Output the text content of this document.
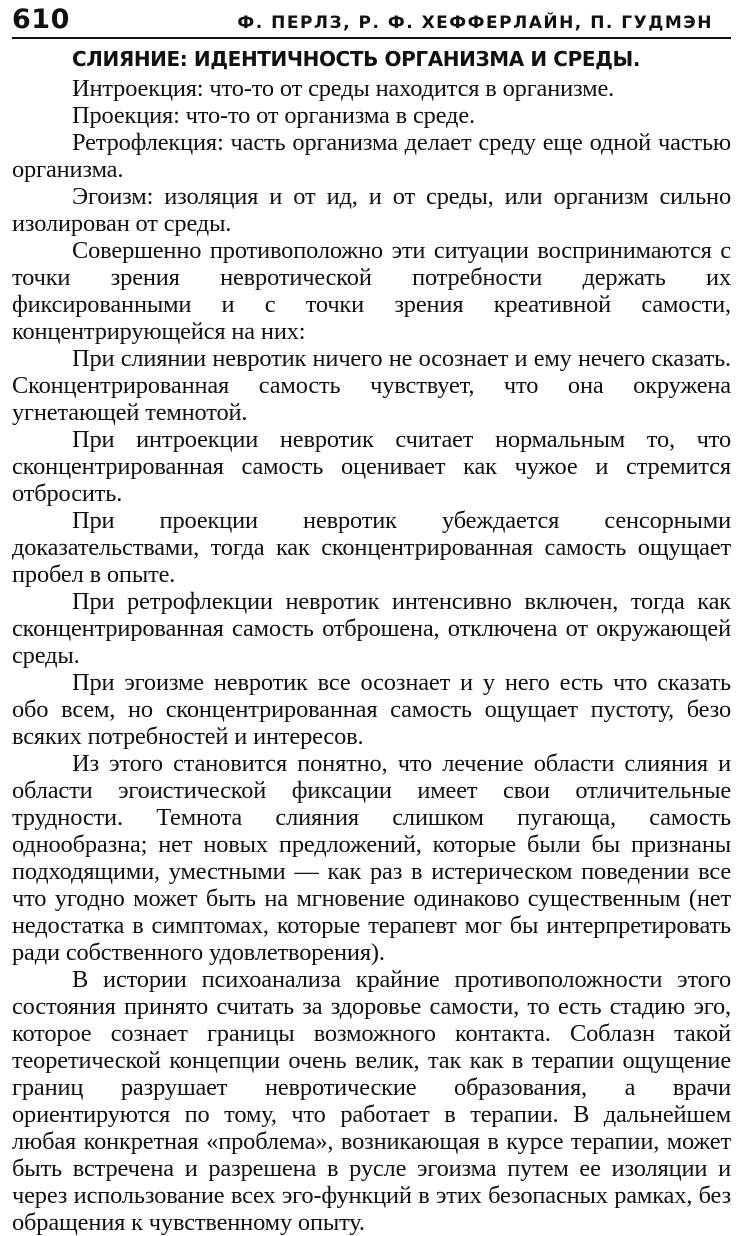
610	Ф. ПЕРЛЗ, Р. Ф. ХЕФФЕРЛАЙН, П. ГУДМЭН
СЛИЯНИЕ: ИДЕНТИЧНОСТЬ ОРГАНИЗМА И СРЕДЫ.

Интроекция: что-то от среды находится в организме.

Проекция: что-то от организма в среде.

Ретрофлекция: часть организма делает среду еще одной частью организма.

Эгоизм: изоляция и от ид, и от среды, или организм сильно изолирован от среды.

Совершенно противоположно эти ситуации воспринимаются с точки зрения невротической потребности держать их фиксированными и с точки зрения креативной самости, концентрирующейся на них:

При слиянии невротик ничего не осознает и ему нечего сказать. Сконцентрированная самость чувствует, что она окружена угнетающей темнотой.

При интроекции невротик считает нормальным то, что сконцентрированная самость оценивает как чужое и стремится отбросить.

При проекции невротик убеждается сенсорными доказательствами, тогда как сконцентрированная самость ощущает пробел в опыте.

При ретрофлекции невротик интенсивно включен, тогда как сконцентрированная самость отброшена, отключена от окружающей среды.

При эгоизме невротик все осознает и у него есть что сказать обо всем, но сконцентрированная самость ощущает пустоту, безо всяких потребностей и интересов.

Из этого становится понятно, что лечение области слияния и области эгоистической фиксации имеет свои отличительные трудности. Темнота слияния слишком пугающа, самость однообразна; нет новых предложений, которые были бы признаны подходящими, уместными — как раз в истерическом поведении все что угодно может быть на мгновение одинаково существенным (нет недостатка в симптомах, которые терапевт мог бы интерпретировать ради собственного удовлетворения).

В истории психоанализа крайние противоположности этого состояния принято считать за здоровье самости, то есть стадию эго, которое сознает границы возможного контакта. Соблазн такой теоретической концепции очень велик, так как в терапии ощущение границ разрушает невротические образования, а врачи ориентируются по тому, что работает в терапии. В дальнейшем любая конкретная «проблема», возникающая в курсе терапии, может быть встречена и разрешена в русле эгоизма путем ее изоляции и через использование всех эго-функций в этих безопасных рамках, без обращения к чувственному опыту.
